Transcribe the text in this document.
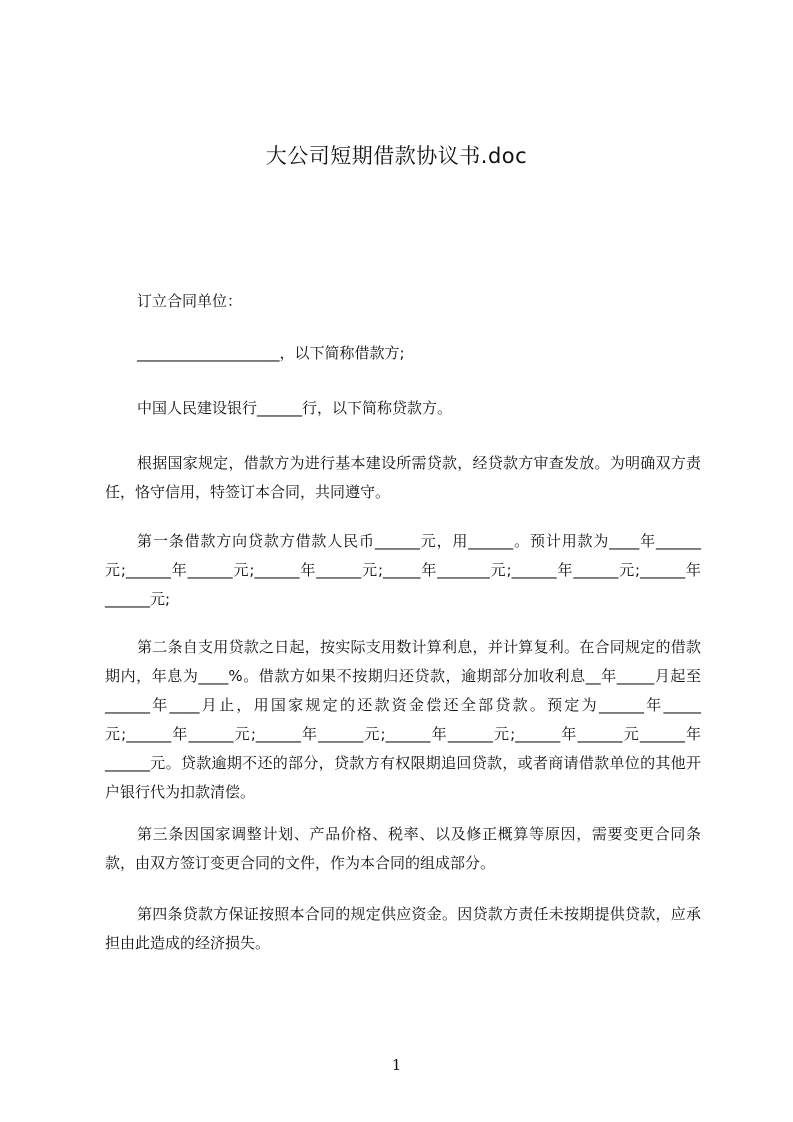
大公司短期借款协议书.doc

订立合同单位：

___________________，以下简称借款方;

中国人民建设银行______行，以下简称贷款方。

根据国家规定，借款方为进行基本建设所需贷款，经贷款方审查发放。为明确双方责任，恪守信用，特签订本合同，共同遵守。

第一条借款方向贷款方借款人民币______元，用______。预计用款为____年______元;______年______元;______年______元;_____年_______元;______年______元;______年______元;

第二条自支用贷款之日起，按实际支用数计算利息，并计算复利。在合同规定的借款期内，年息为____%。借款方如果不按期归还贷款，逾期部分加收利息__年_____月起至______年____月止，用国家规定的还款资金偿还全部贷款。预定为______年_____元;______年______元;______年______元;______年______元;______年______元______年______元。贷款逾期不还的部分，贷款方有权限期追回贷款，或者商请借款单位的其他开户银行代为扣款清偿。

第三条因国家调整计划、产品价格、税率、以及修正概算等原因，需要变更合同条款，由双方签订变更合同的文件，作为本合同的组成部分。

第四条贷款方保证按照本合同的规定供应资金。因贷款方责任未按期提供贷款，应承担由此造成的经济损失。

1
